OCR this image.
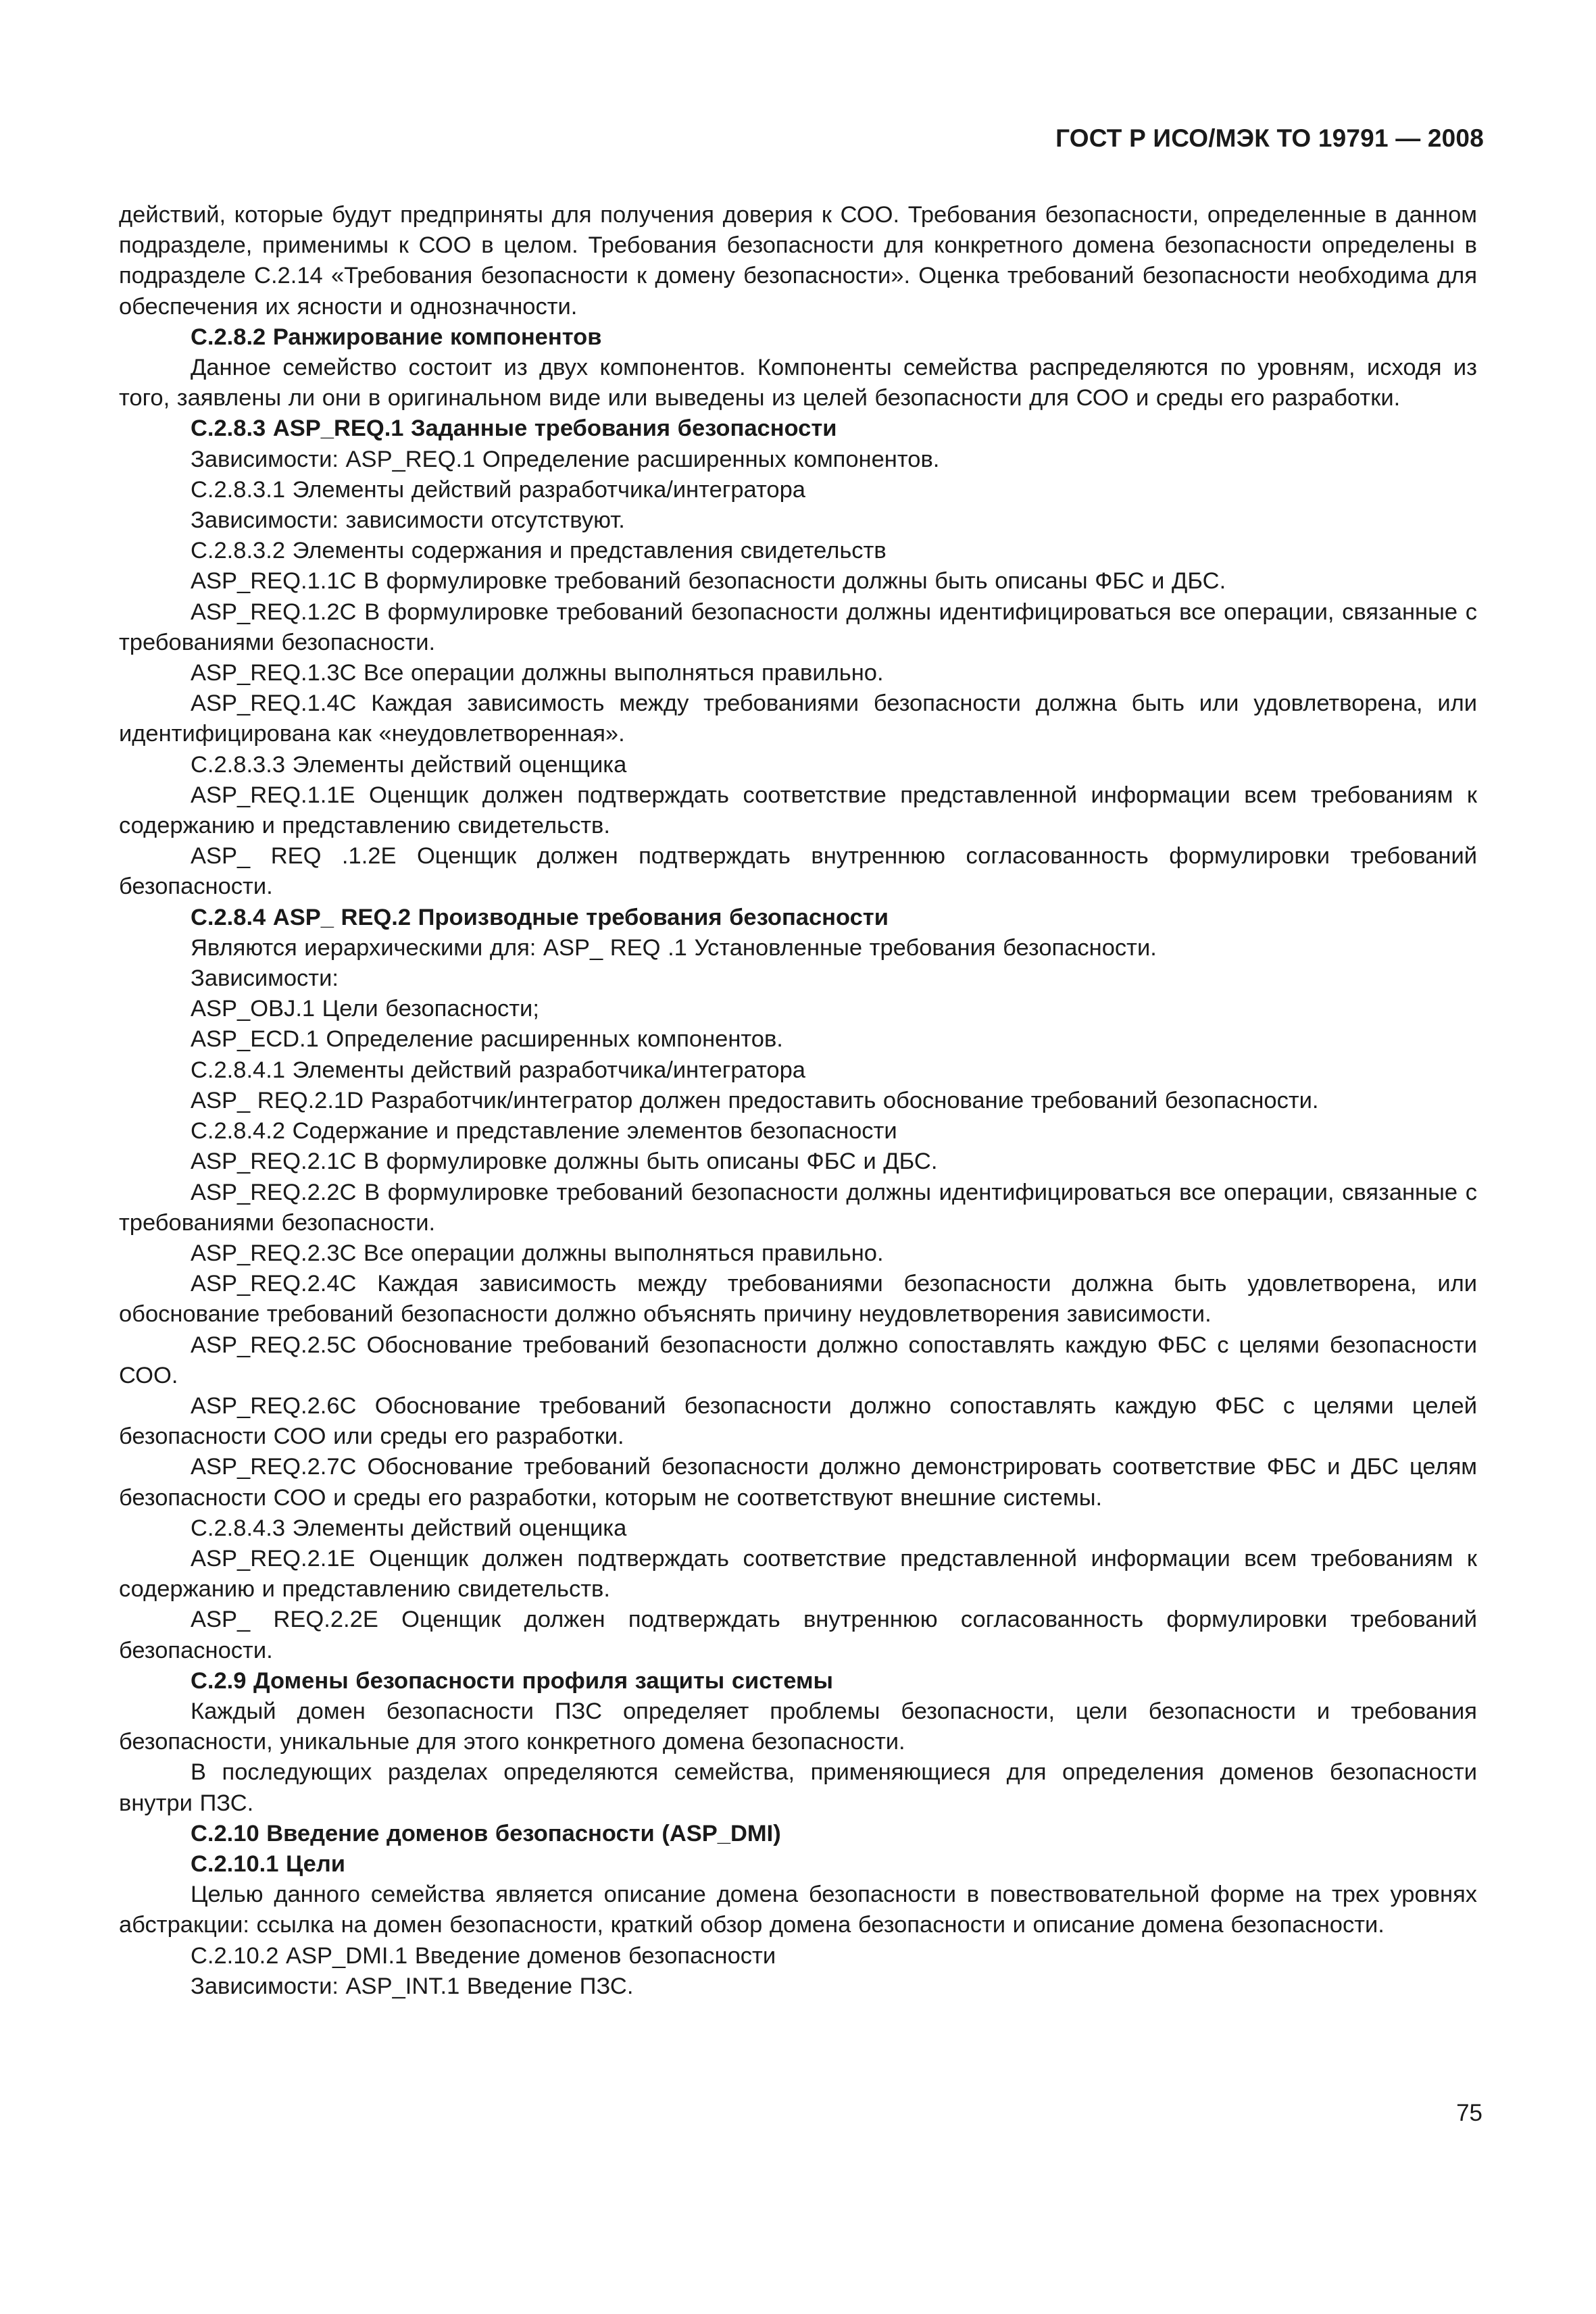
ГОСТ Р ИСО/МЭК ТО 19791 — 2008

действий, которые будут предприняты для получения доверия к СОО. Требования безопасности, определенные в данном подразделе, применимы к СОО в целом. Требования безопасности для конкретного домена безопасности определены в подразделе С.2.14 «Требования безопасности к домену безопасности». Оценка требований безопасности необходима для обеспечения их ясности и однозначности.

С.2.8.2 Ранжирование компонентов

Данное семейство состоит из двух компонентов. Компоненты семейства распределяются по уровням, исходя из того, заявлены ли они в оригинальном виде или выведены из целей безопасности для СОО и среды его разработки.

С.2.8.3 ASP_REQ.1 Заданные требования безопасности

Зависимости: ASP_REQ.1 Определение расширенных компонентов.

С.2.8.3.1 Элементы действий разработчика/интегратора

Зависимости: зависимости отсутствуют.

С.2.8.3.2 Элементы содержания и представления свидетельств

ASP_REQ.1.1C В формулировке требований безопасности должны быть описаны ФБС и ДБС.

ASP_REQ.1.2C В формулировке требований безопасности должны идентифицироваться все операции, связанные с требованиями безопасности.

ASP_REQ.1.3C Все операции должны выполняться правильно.

ASP_REQ.1.4C Каждая зависимость между требованиями безопасности должна быть или удовлетворена, или идентифицирована как «неудовлетворенная».

С.2.8.3.3 Элементы действий оценщика

ASP_REQ.1.1E Оценщик должен подтверждать соответствие представленной информации всем требованиям к содержанию и представлению свидетельств.

ASP_ REQ .1.2E Оценщик должен подтверждать внутреннюю согласованность формулировки требований безопасности.

С.2.8.4 ASP_ REQ.2 Производные требования безопасности

Являются иерархическими для: ASP_ REQ .1 Установленные требования безопасности.

Зависимости:

ASP_OBJ.1 Цели безопасности;

ASP_ECD.1 Определение расширенных компонентов.

С.2.8.4.1 Элементы действий разработчика/интегратора

ASP_ REQ.2.1D Разработчик/интегратор должен предоставить обоснование требований безопасности.

С.2.8.4.2 Содержание и представление элементов безопасности

ASP_REQ.2.1C В формулировке должны быть описаны ФБС и ДБС.

ASP_REQ.2.2C В формулировке требований безопасности должны идентифицироваться все операции, связанные с требованиями безопасности.

ASP_REQ.2.3C Все операции должны выполняться правильно.

ASP_REQ.2.4C Каждая зависимость между требованиями безопасности должна быть удовлетворена, или обоснование требований безопасности должно объяснять причину неудовлетворения зависимости.

ASP_REQ.2.5C Обоснование требований безопасности должно сопоставлять каждую ФБС с целями безопасности СОО.

ASP_REQ.2.6C Обоснование требований безопасности должно сопоставлять каждую ФБС с целями целей безопасности СОО или среды его разработки.

ASP_REQ.2.7C Обоснование требований безопасности должно демонстрировать соответствие ФБС и ДБС целям безопасности СОО и среды его разработки, которым не соответствуют внешние системы.

С.2.8.4.3 Элементы действий оценщика

ASP_REQ.2.1E Оценщик должен подтверждать соответствие представленной информации всем требованиям к содержанию и представлению свидетельств.

ASP_ REQ.2.2E Оценщик должен подтверждать внутреннюю согласованность формулировки требований безопасности.

С.2.9 Домены безопасности профиля защиты системы

Каждый домен безопасности ПЗС определяет проблемы безопасности, цели безопасности и требования безопасности, уникальные для этого конкретного домена безопасности.

В последующих разделах определяются семейства, применяющиеся для определения доменов безопасности внутри ПЗС.

С.2.10 Введение доменов безопасности (ASP_DMI)

С.2.10.1 Цели

Целью данного семейства является описание домена безопасности в повествовательной форме на трех уровнях абстракции: ссылка на домен безопасности, краткий обзор домена безопасности и описание домена безопасности.

С.2.10.2 ASP_DMI.1 Введение доменов безопасности

Зависимости: ASP_INT.1 Введение ПЗС.

75
